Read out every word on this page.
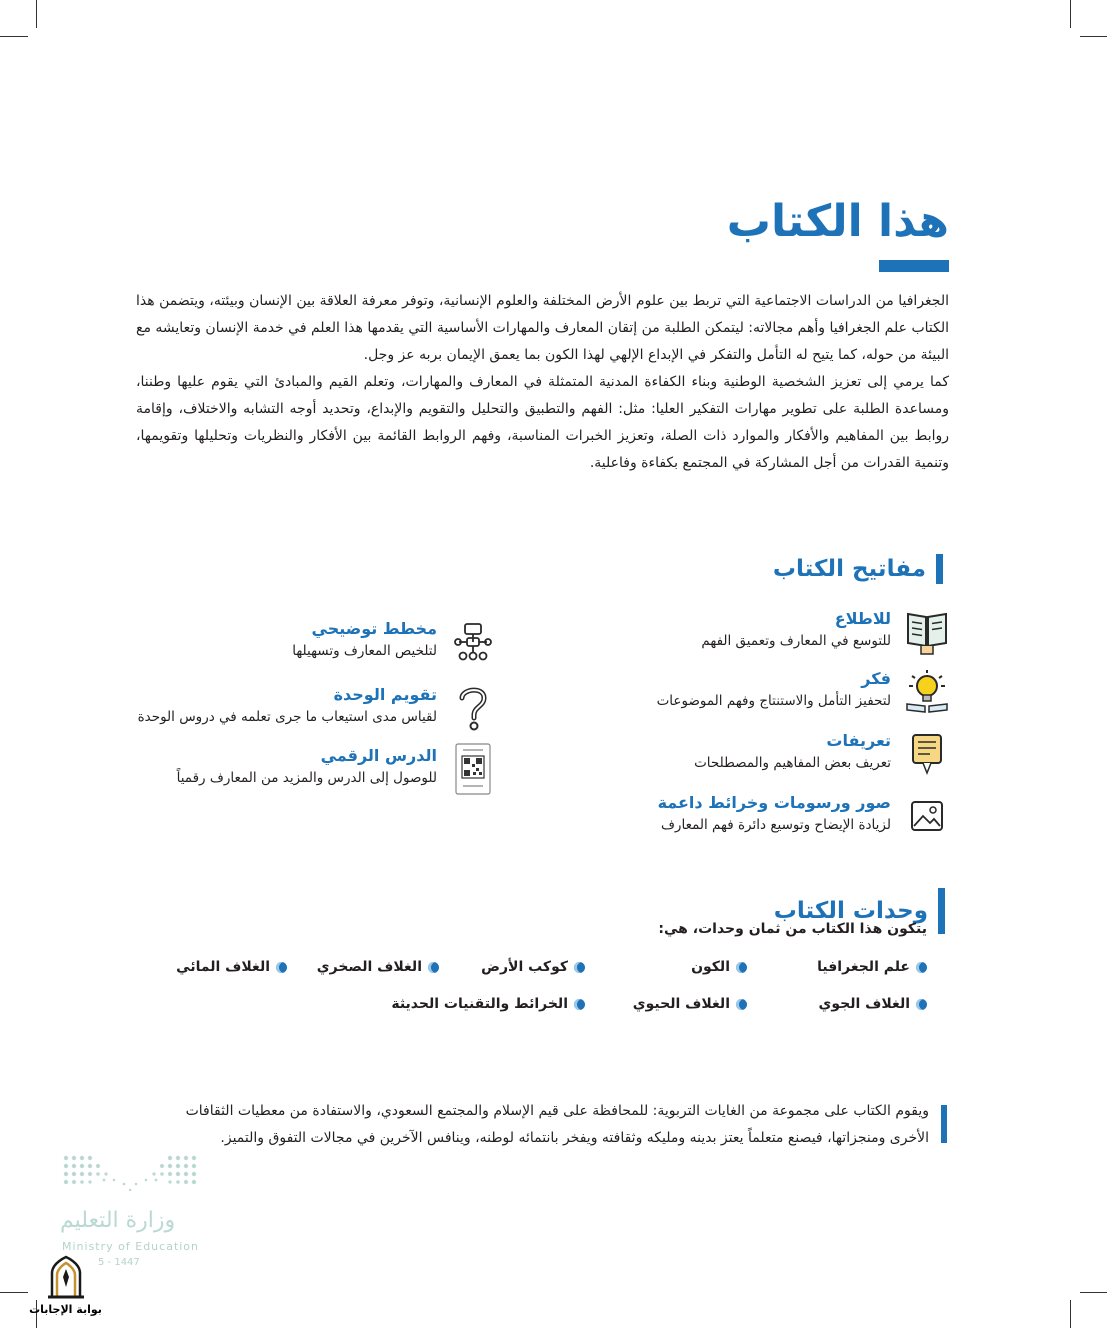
هذا الكتاب

الجغرافيا من الدراسات الاجتماعية التي تربط بين علوم الأرض المختلفة والعلوم الإنسانية، وتوفر معرفة العلاقة بين الإنسان وبيئته، ويتضمن هذا الكتاب علم الجغرافيا وأهم مجالاته: ليتمكن الطلبة من إتقان المعارف والمهارات الأساسية التي يقدمها هذا العلم في خدمة الإنسان وتعايشه مع البيئة من حوله، كما يتيح له التأمل والتفكر في الإبداع الإلهي لهذا الكون بما يعمق الإيمان بربه عز وجل.

كما يرمي إلى تعزيز الشخصية الوطنية وبناء الكفاءة المدنية المتمثلة في المعارف والمهارات، وتعلم القيم والمبادئ التي يقوم عليها وطننا، ومساعدة الطلبة على تطوير مهارات التفكير العليا: مثل: الفهم والتطبيق والتحليل والتقويم والإبداع، وتحديد أوجه التشابه والاختلاف، وإقامة روابط بين المفاهيم والأفكار والموارد ذات الصلة، وتعزيز الخبرات المناسبة، وفهم الروابط القائمة بين الأفكار والنظريات وتحليلها وتقويمها، وتنمية القدرات من أجل المشاركة في المجتمع بكفاءة وفاعلية.

مفاتيح الكتاب
للاطلاع
للتوسع في المعارف وتعميق الفهم
فكر
لتحفيز التأمل والاستنتاج وفهم الموضوعات
تعريفات
تعريف بعض المفاهيم والمصطلحات
صور ورسومات وخرائط داعمة
لزيادة الإيضاح وتوسيع دائرة فهم المعارف
مخطط توضيحي
لتلخيص المعارف وتسهيلها
تقويم الوحدة
لقياس مدى استيعاب ما جرى تعلمه في دروس الوحدة
الدرس الرقمي
للوصول إلى الدرس والمزيد من المعارف رقمياً
وحدات الكتاب

يتكون هذا الكتاب من ثمان وحدات، هي:

علم الجغرافيا
الكون
كوكب الأرض
الغلاف الصخري
الغلاف المائي
الغلاف الجوي
الغلاف الحيوي
الخرائط والتقنيات الحديثة

ويقوم الكتاب على مجموعة من الغايات التربوية: للمحافظة على قيم الإسلام والمجتمع السعودي، والاستفادة من معطيات الثقافات الأخرى ومنجزاتها، فيصنع متعلماً يعتز بدينه ومليكه وثقافته ويفخر بانتمائه لوطنه، وينافس الآخرين في مجالات التفوق والتميز.

وزارة التعليم

Ministry of Education

5 - 1447

بوابة الإجابات
